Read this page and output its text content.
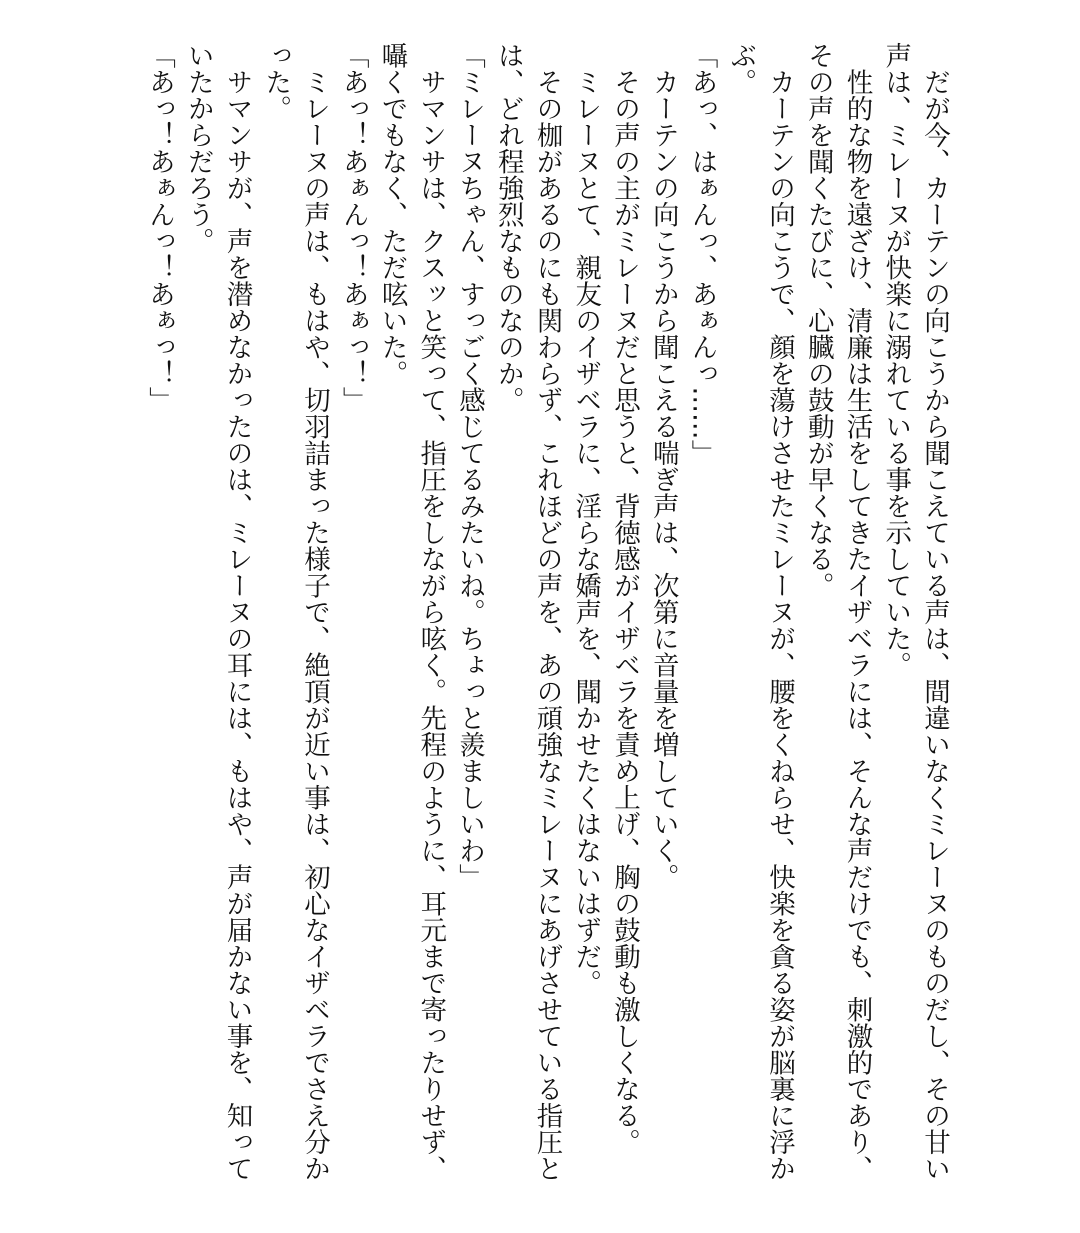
　だが今、カーテンの向こうから聞こえている声は、間違いなくミレーヌのものだし、その甘い
声は、ミレーヌが快楽に溺れている事を示していた。
　性的な物を遠ざけ、清廉は生活をしてきたイザベラには、そんな声だけでも、刺激的であり、
その声を聞くたびに、心臓の鼓動が早くなる。
　カーテンの向こうで、顔を蕩けさせたミレーヌが、腰をくねらせ、快楽を貪る姿が脳裏に浮か
ぶ。
「あっ、はぁんっ、あぁんっ……」
　カーテンの向こうから聞こえる喘ぎ声は、次第に音量を増していく。
　その声の主がミレーヌだと思うと、背徳感がイザベラを責め上げ、胸の鼓動も激しくなる。
　ミレーヌとて、親友のイザベラに、淫らな嬌声を、聞かせたくはないはずだ。
　その枷があるのにも関わらず、これほどの声を、あの頑強なミレーヌにあげさせている指圧と
は、どれ程強烈なものなのか。
「ミレーヌちゃん、すっごく感じてるみたいね。ちょっと羨ましいわ」
　サマンサは、クスッと笑って、指圧をしながら呟く。先程のように、耳元まで寄ったりせず、
囁くでもなく、ただ呟いた。
「あっ！あぁんっ！あぁっ！」
　ミレーヌの声は、もはや、切羽詰まった様子で、絶頂が近い事は、初心なイザベラでさえ分か
った。
　サマンサが、声を潜めなかったのは、ミレーヌの耳には、もはや、声が届かない事を、知って
いたからだろう。
「あっ！あぁんっ！あぁっ！」
